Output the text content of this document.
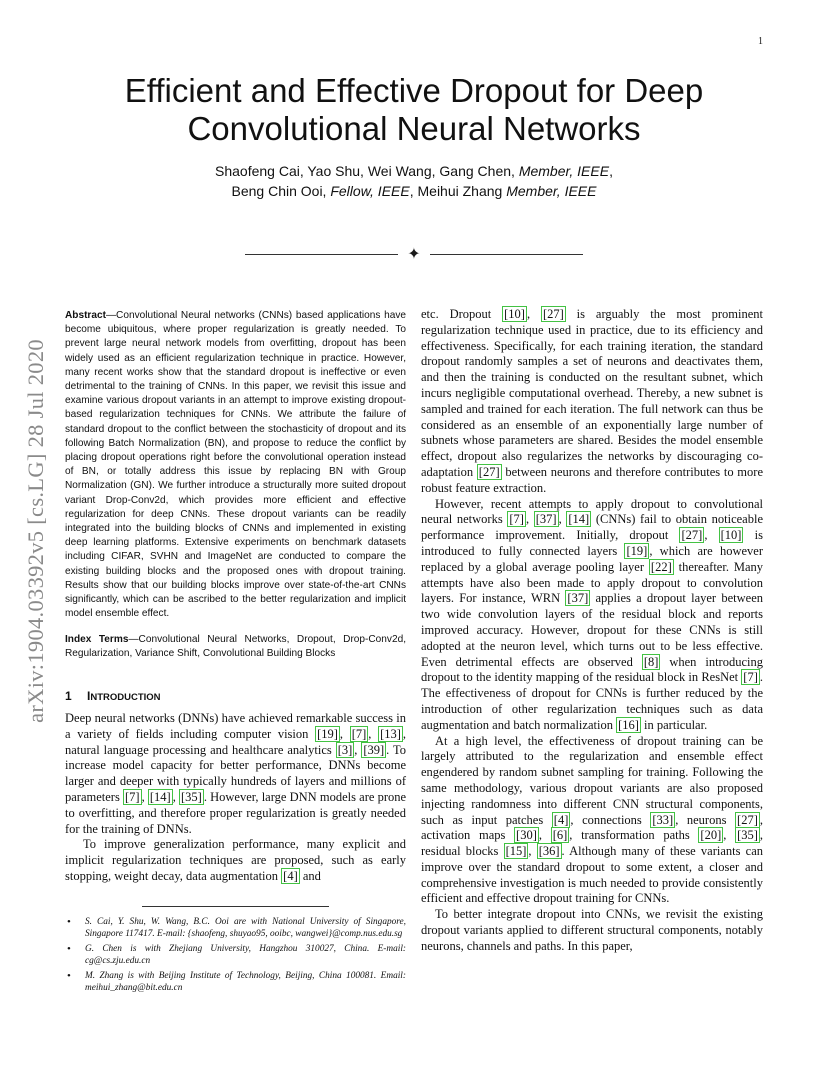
1
arXiv:1904.03392v5 [cs.LG] 28 Jul 2020
Efficient and Effective Dropout for Deep Convolutional Neural Networks
Shaofeng Cai, Yao Shu, Wei Wang, Gang Chen, Member, IEEE,
Beng Chin Ooi, Fellow, IEEE, Meihui Zhang Member, IEEE
✦
Abstract—Convolutional Neural networks (CNNs) based applications have become ubiquitous, where proper regularization is greatly needed. To prevent large neural network models from overfitting, dropout has been widely used as an efficient regularization technique in practice. However, many recent works show that the standard dropout is ineffective or even detrimental to the training of CNNs. In this paper, we revisit this issue and examine various dropout variants in an attempt to improve existing dropout-based regularization techniques for CNNs. We attribute the failure of standard dropout to the conflict between the stochasticity of dropout and its following Batch Normalization (BN), and propose to reduce the conflict by placing dropout operations right before the convolutional operation instead of BN, or totally address this issue by replacing BN with Group Normalization (GN). We further introduce a structurally more suited dropout variant Drop-Conv2d, which provides more efficient and effective regularization for deep CNNs. These dropout variants can be readily integrated into the building blocks of CNNs and implemented in existing deep learning platforms. Extensive experiments on benchmark datasets including CIFAR, SVHN and ImageNet are conducted to compare the existing building blocks and the proposed ones with dropout training. Results show that our building blocks improve over state-of-the-art CNNs significantly, which can be ascribed to the better regularization and implicit model ensemble effect.
Index Terms—Convolutional Neural Networks, Dropout, Drop-Conv2d, Regularization, Variance Shift, Convolutional Building Blocks
1 INTRODUCTION

Deep neural networks (DNNs) have achieved remarkable success in a variety of fields including computer vision [19] , [7] , [13] , natural language processing and healthcare analytics [3] , [39] . To increase model capacity for better performance, DNNs become larger and deeper with typically hundreds of layers and millions of parameters [7] , [14] , [35] . However, large DNN models are prone to overfitting, and therefore proper regularization is greatly needed for the training of DNNs.

To improve generalization performance, many explicit and implicit regularization techniques are proposed, such as early stopping, weight decay, data augmentation [4] and

• S. Cai, Y. Shu, W. Wang, B.C. Ooi are with National University of Singapore, Singapore 117417. E-mail: {shaofeng, shuyao95, ooibc, wangwei}@comp.nus.edu.sg
• G. Chen is with Zhejiang University, Hangzhou 310027, China. E-mail: cg@cs.zju.edu.cn
• M. Zhang is with Beijing Institute of Technology, Beijing, China 100081. Email: meihui_zhang@bit.edu.cn

etc. Dropout [10] , [27] is arguably the most prominent regularization technique used in practice, due to its efficiency and effectiveness. Specifically, for each training iteration, the standard dropout randomly samples a set of neurons and deactivates them, and then the training is conducted on the resultant subnet, which incurs negligible computational overhead. Thereby, a new subnet is sampled and trained for each iteration. The full network can thus be considered as an ensemble of an exponentially large number of subnets whose parameters are shared. Besides the model ensemble effect, dropout also regularizes the networks by discouraging co-adaptation [27] between neurons and therefore contributes to more robust feature extraction.

However, recent attempts to apply dropout to convolutional neural networks [7] , [37] , [14] (CNNs) fail to obtain noticeable performance improvement. Initially, dropout [27] , [10] is introduced to fully connected layers [19] , which are however replaced by a global average pooling layer [22] thereafter. Many attempts have also been made to apply dropout to convolution layers. For instance, WRN [37] applies a dropout layer between two wide convolution layers of the residual block and reports improved accuracy. However, dropout for these CNNs is still adopted at the neuron level, which turns out to be less effective. Even detrimental effects are observed [8] when introducing dropout to the identity mapping of the residual block in ResNet [7] . The effectiveness of dropout for CNNs is further reduced by the introduction of other regularization techniques such as data augmentation and batch normalization [16] in particular.

At a high level, the effectiveness of dropout training can be largely attributed to the regularization and ensemble effect engendered by random subnet sampling for training. Following the same methodology, various dropout variants are also proposed injecting randomness into different CNN structural components, such as input patches [4] , connections [33] , neurons [27] , activation maps [30] , [6] , transformation paths [20] , [35] , residual blocks [15] , [36] . Although many of these variants can improve over the standard dropout to some extent, a closer and comprehensive investigation is much needed to provide consistently efficient and effective dropout training for CNNs.

To better integrate dropout into CNNs, we revisit the existing dropout variants applied to different structural components, notably neurons, channels and paths. In this paper,
